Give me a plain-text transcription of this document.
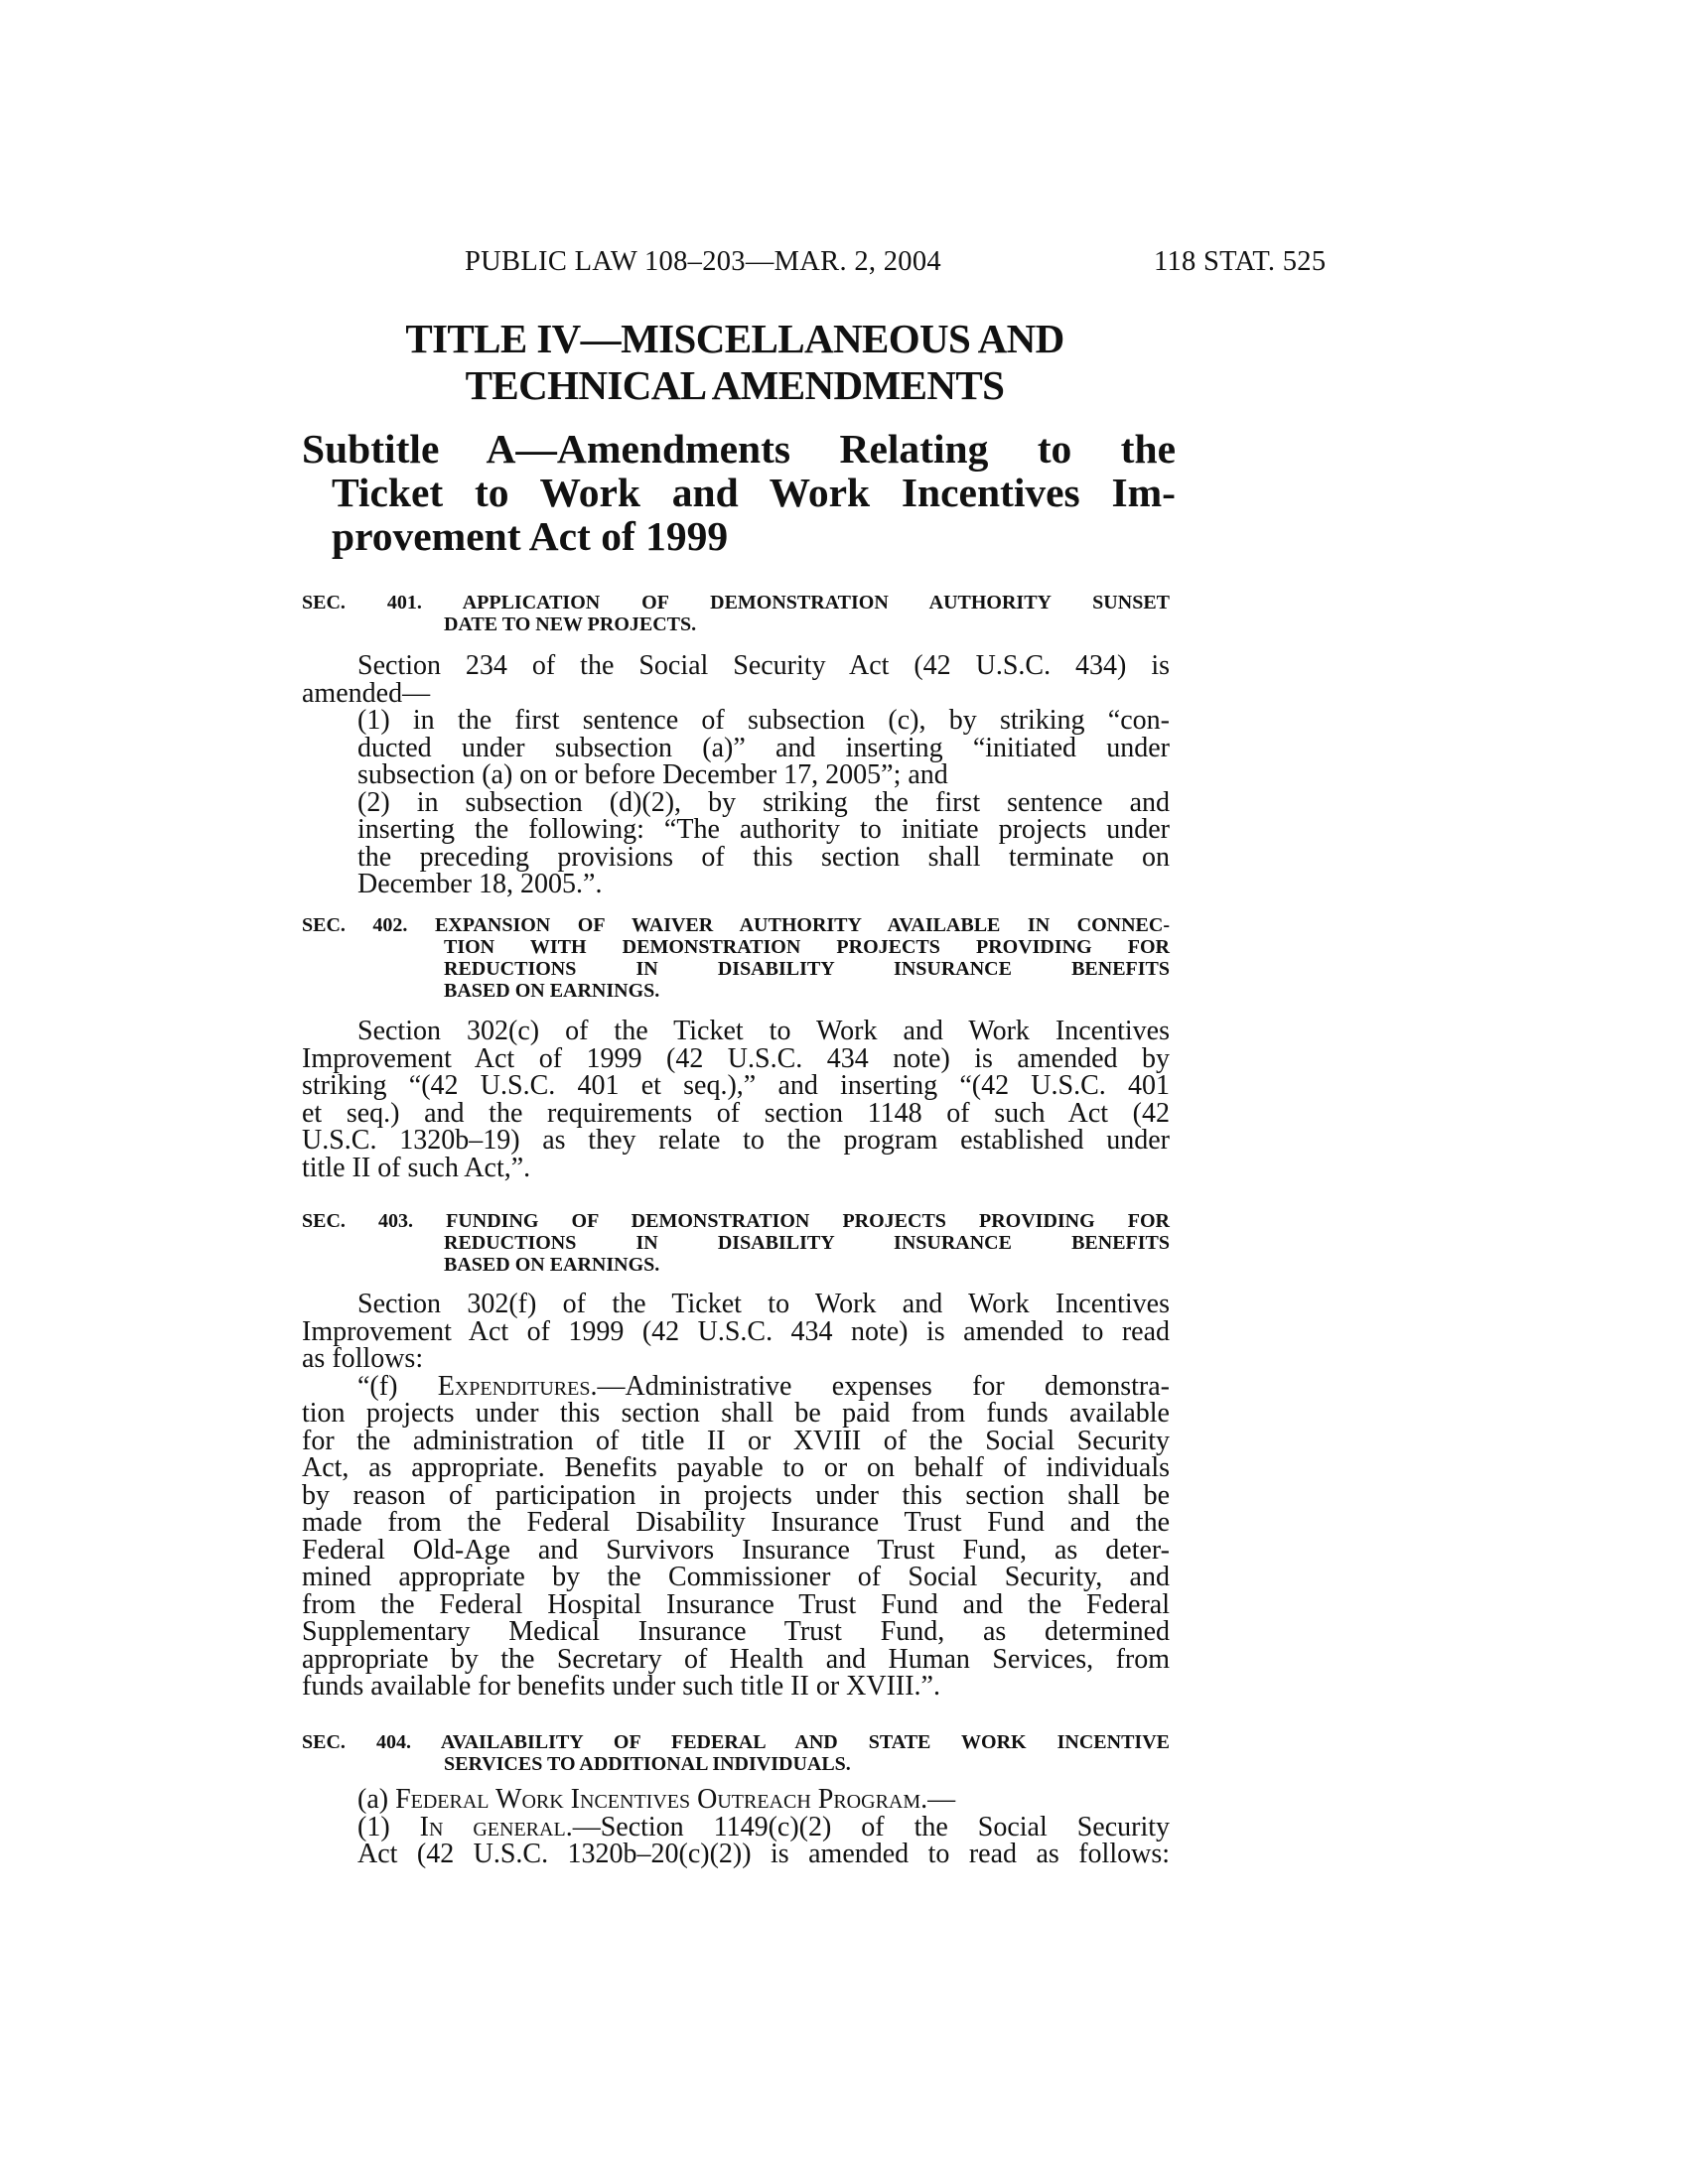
PUBLIC LAW 108–203—MAR. 2, 2004	118 STAT. 525
TITLE IV—MISCELLANEOUS AND
TECHNICAL AMENDMENTS
Subtitle A—Amendments Relating to the
Ticket to Work and Work Incentives Im-
provement Act of 1999
SEC. 401. APPLICATION OF DEMONSTRATION AUTHORITY SUNSET
DATE TO NEW PROJECTS.
Section 234 of the Social Security Act (42 U.S.C. 434) is
amended—
(1) in the first sentence of subsection (c), by striking “con-
ducted under subsection (a)” and inserting “initiated under
subsection (a) on or before December 17, 2005”; and
(2) in subsection (d)(2), by striking the first sentence and
inserting the following: “The authority to initiate projects under
the preceding provisions of this section shall terminate on
December 18, 2005.”.
SEC. 402. EXPANSION OF WAIVER AUTHORITY AVAILABLE IN CONNEC-
TION WITH DEMONSTRATION PROJECTS PROVIDING FOR
REDUCTIONS IN DISABILITY INSURANCE BENEFITS
BASED ON EARNINGS.
Section 302(c) of the Ticket to Work and Work Incentives
Improvement Act of 1999 (42 U.S.C. 434 note) is amended by
striking “(42 U.S.C. 401 et seq.),” and inserting “(42 U.S.C. 401
et seq.) and the requirements of section 1148 of such Act (42
U.S.C. 1320b–19) as they relate to the program established under
title II of such Act,”.
SEC. 403. FUNDING OF DEMONSTRATION PROJECTS PROVIDING FOR
REDUCTIONS IN DISABILITY INSURANCE BENEFITS
BASED ON EARNINGS.
Section 302(f) of the Ticket to Work and Work Incentives
Improvement Act of 1999 (42 U.S.C. 434 note) is amended to read
as follows:
“(f) Expenditures.—Administrative expenses for demonstra-
tion projects under this section shall be paid from funds available
for the administration of title II or XVIII of the Social Security
Act, as appropriate. Benefits payable to or on behalf of individuals
by reason of participation in projects under this section shall be
made from the Federal Disability Insurance Trust Fund and the
Federal Old-Age and Survivors Insurance Trust Fund, as deter-
mined appropriate by the Commissioner of Social Security, and
from the Federal Hospital Insurance Trust Fund and the Federal
Supplementary Medical Insurance Trust Fund, as determined
appropriate by the Secretary of Health and Human Services, from
funds available for benefits under such title II or XVIII.”.
SEC. 404. AVAILABILITY OF FEDERAL AND STATE WORK INCENTIVE
SERVICES TO ADDITIONAL INDIVIDUALS.
(a) Federal Work Incentives Outreach Program.—
(1) In general.—Section 1149(c)(2) of the Social Security
Act (42 U.S.C. 1320b–20(c)(2)) is amended to read as follows:
